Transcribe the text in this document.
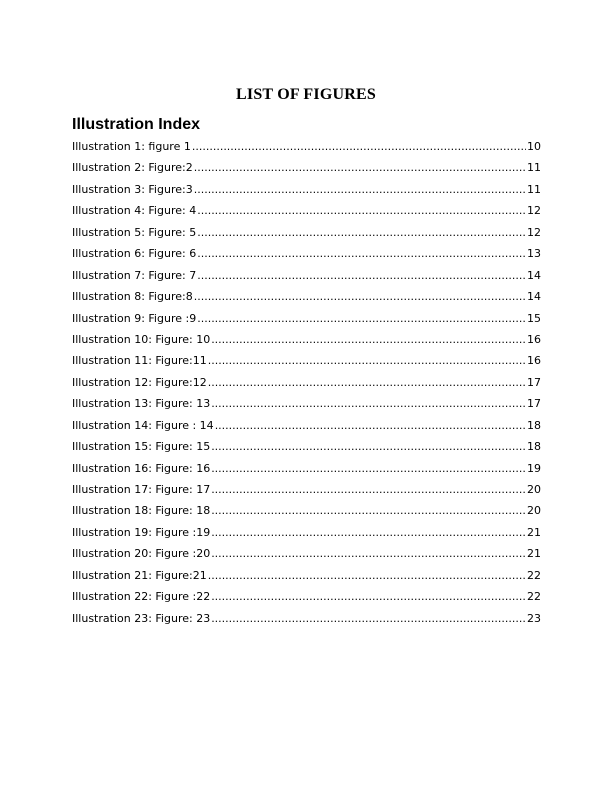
LIST OF FIGURES
Illustration Index
Illustration 1: figure 1 .....	10
Illustration 2: Figure:2 .....	11
Illustration 3: Figure:3 .....	11
Illustration 4: Figure: 4 .....	12
Illustration 5: Figure: 5 .....	12
Illustration 6: Figure: 6 .....	13
Illustration 7: Figure: 7 .....	14
Illustration 8: Figure:8 .....	14
Illustration 9: Figure :9 .....	15
Illustration 10: Figure: 10 .....	16
Illustration 11: Figure:11 .....	16
Illustration 12: Figure:12 .....	17
Illustration 13: Figure: 13 .....	17
Illustration 14: Figure : 14 .....	18
Illustration 15: Figure: 15 .....	18
Illustration 16: Figure: 16 .....	19
Illustration 17: Figure: 17 .....	20
Illustration 18: Figure: 18 .....	20
Illustration 19: Figure :19 .....	21
Illustration 20: Figure :20 .....	21
Illustration 21: Figure:21 .....	22
Illustration 22: Figure :22 .....	22
Illustration 23: Figure: 23 .....	23
